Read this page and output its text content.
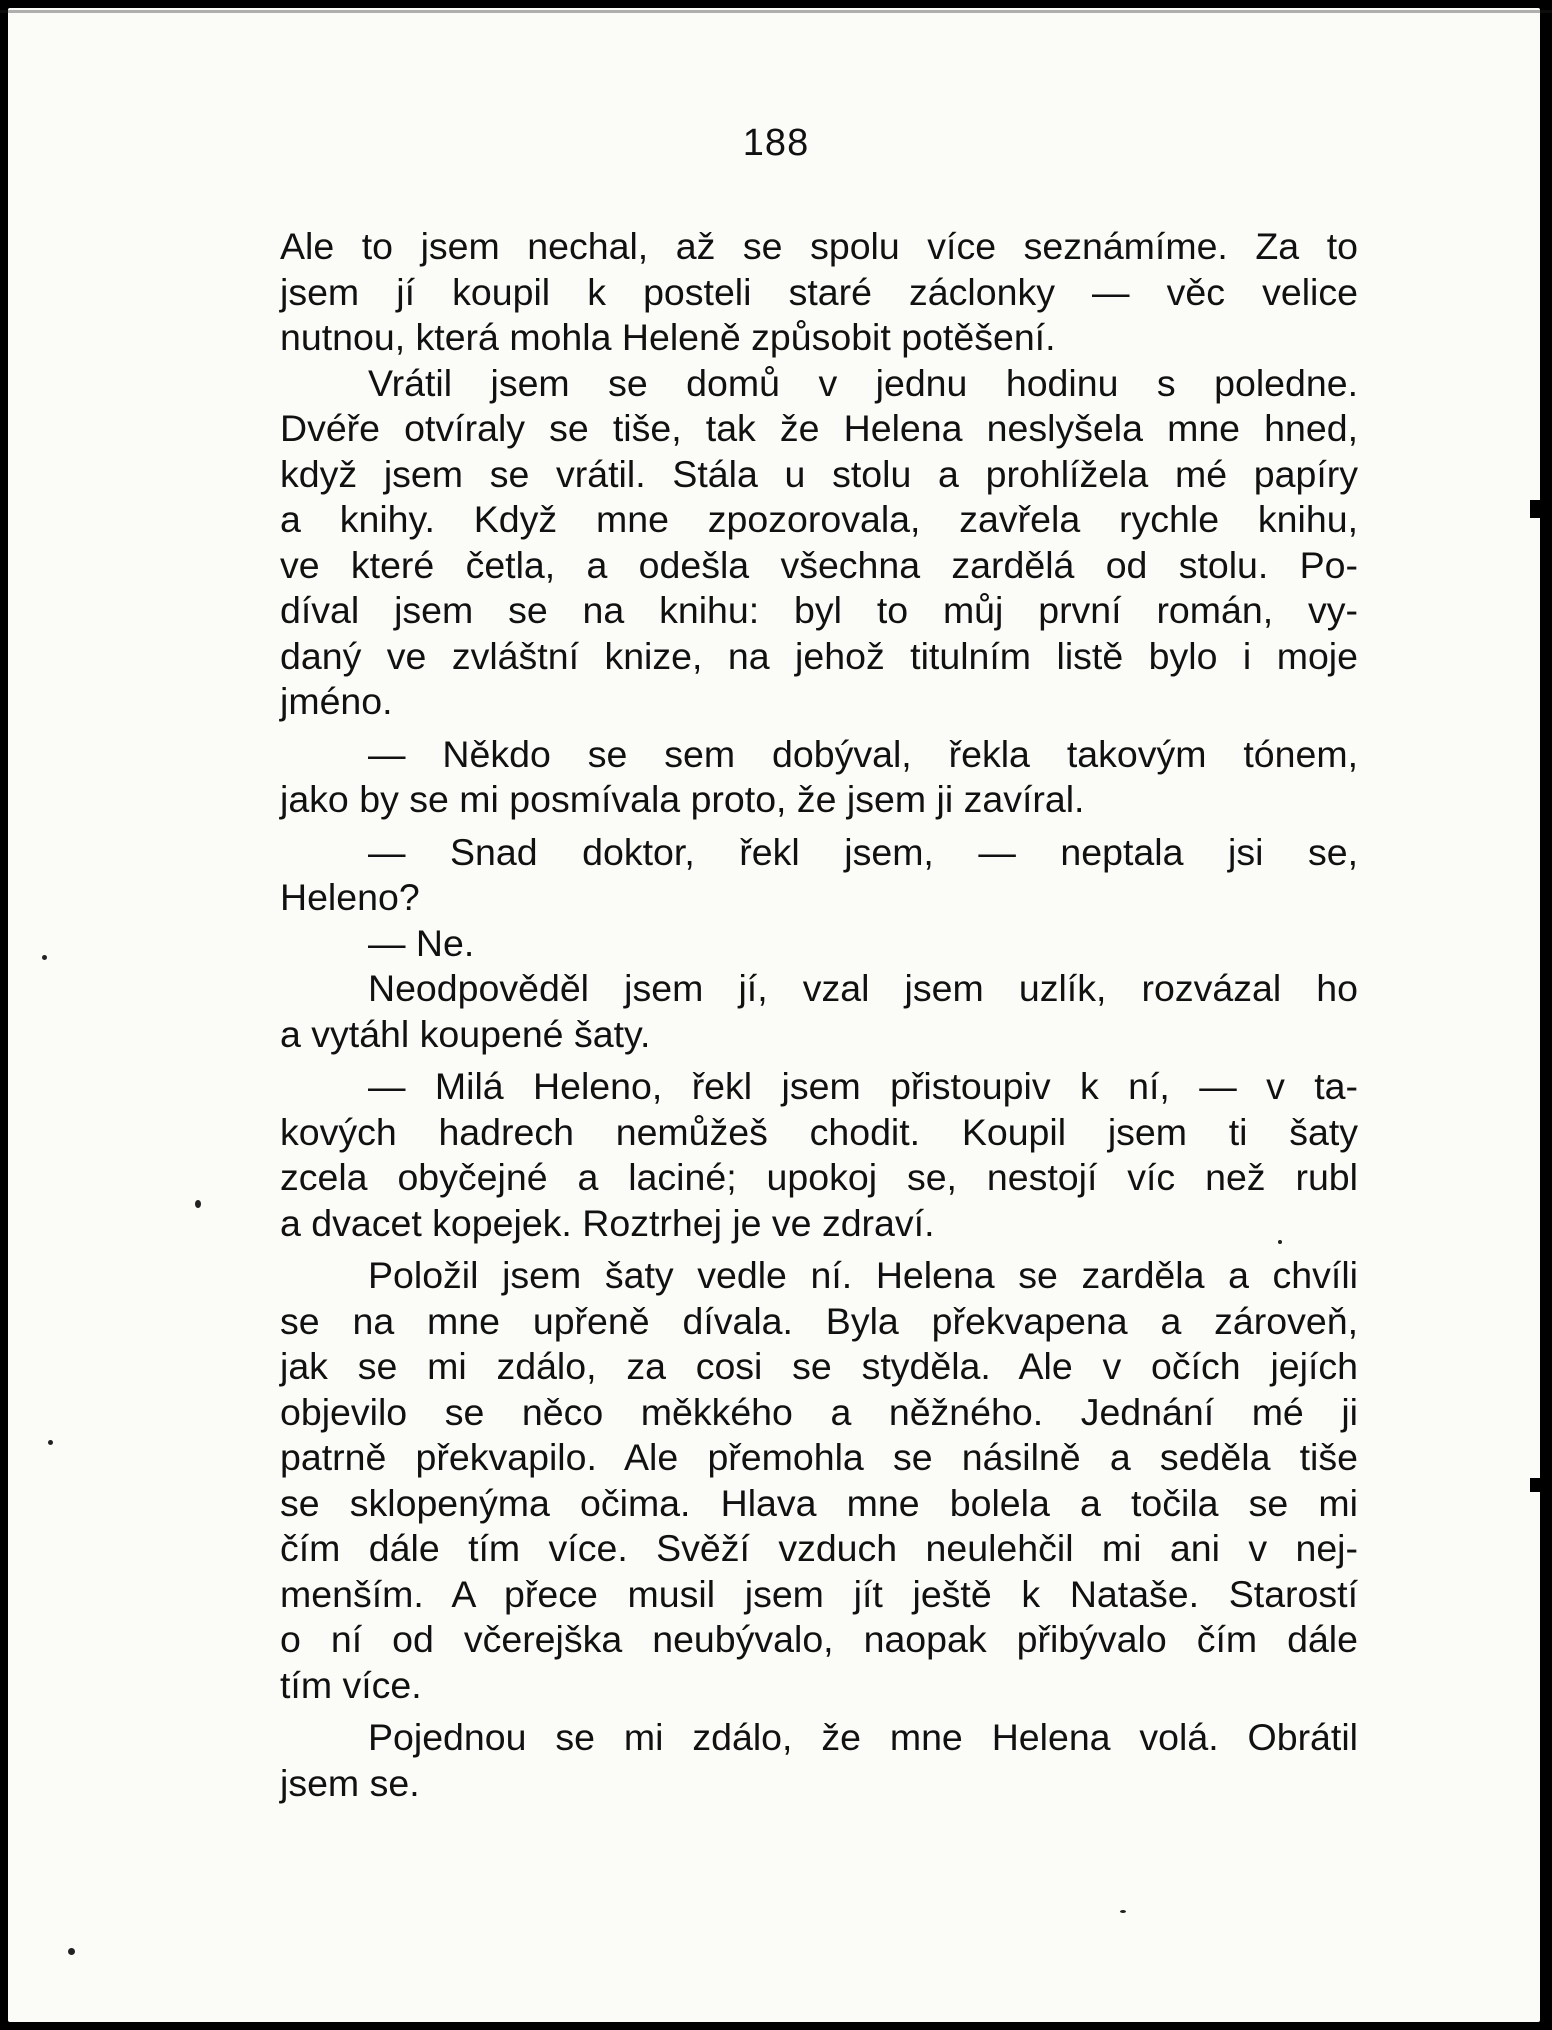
188
Ale to jsem nechal, až se spolu více seznámíme. Za to
jsem jí koupil k posteli staré záclonky — věc velice
nutnou, která mohla Heleně způsobit potěšení.
Vrátil jsem se domů v jednu hodinu s poledne.
Dvéře otvíraly se tiše, tak že Helena neslyšela mne hned,
když jsem se vrátil. Stála u stolu a prohlížela mé papíry
a knihy. Když mne zpozorovala, zavřela rychle knihu,
ve které četla, a odešla všechna zardělá od stolu. Po-
díval jsem se na knihu: byl to můj první román, vy-
daný ve zvláštní knize, na jehož titulním listě bylo i moje
jméno.
— Někdo se sem dobýval, řekla takovým tónem,
jako by se mi posmívala proto, že jsem ji zavíral.
— Snad doktor, řekl jsem, — neptala jsi se,
Heleno?
— Ne.
Neodpověděl jsem jí, vzal jsem uzlík, rozvázal ho
a vytáhl koupené šaty.
— Milá Heleno, řekl jsem přistoupiv k ní, — v ta-
kových hadrech nemůžeš chodit. Koupil jsem ti šaty
zcela obyčejné a laciné; upokoj se, nestojí víc než rubl
a dvacet kopejek. Roztrhej je ve zdraví.
Položil jsem šaty vedle ní. Helena se zarděla a chvíli
se na mne upřeně dívala. Byla překvapena a zároveň,
jak se mi zdálo, za cosi se styděla. Ale v očích jejích
objevilo se něco měkkého a něžného. Jednání mé ji
patrně překvapilo. Ale přemohla se násilně a seděla tiše
se sklopenýma očima. Hlava mne bolela a točila se mi
čím dále tím více. Svěží vzduch neulehčil mi ani v nej-
menším. A přece musil jsem jít ještě k Nataše. Starostí
o ní od včerejška neubývalo, naopak přibývalo čím dále
tím více.
Pojednou se mi zdálo, že mne Helena volá. Obrátil
jsem se.
